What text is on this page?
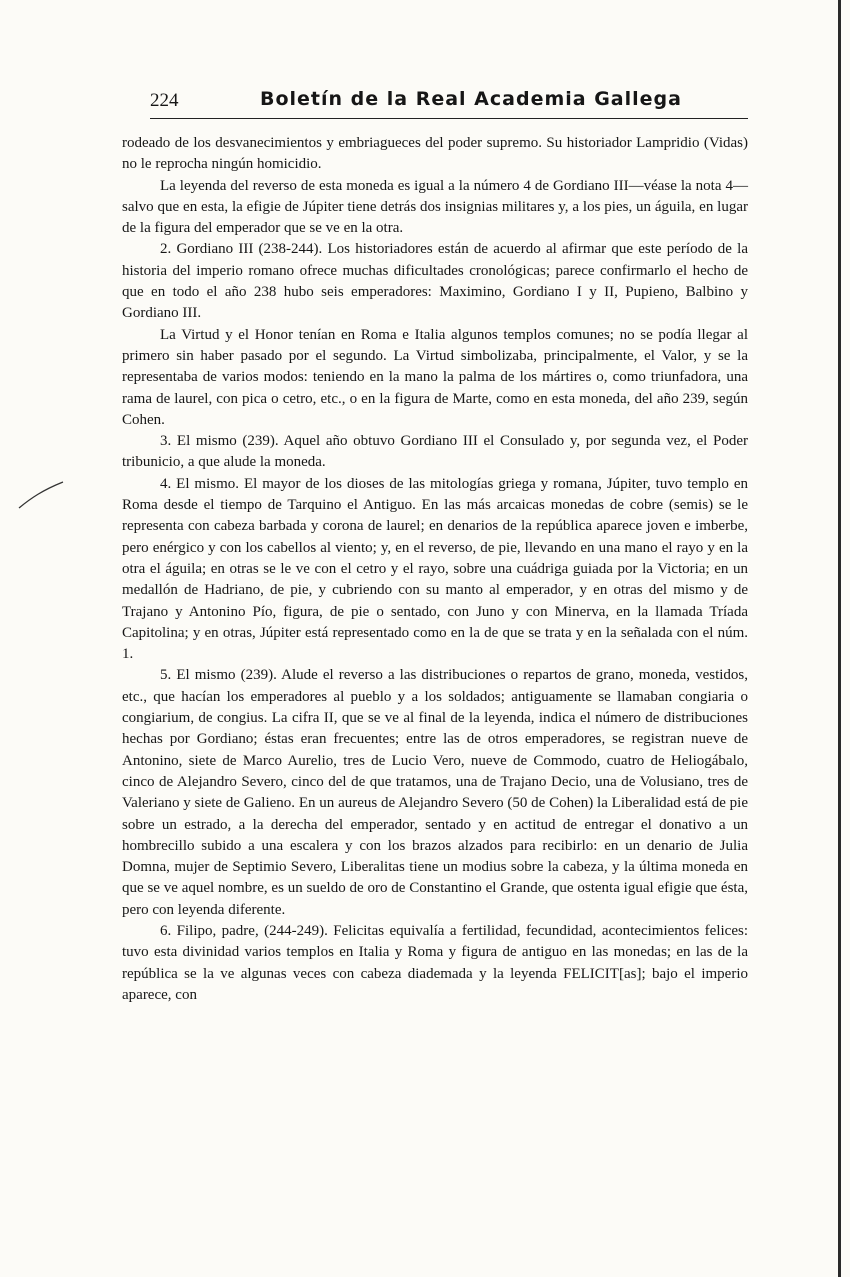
224	Boletín de la Real Academia Gallega

rodeado de los desvanecimientos y embriagueces del poder supremo. Su historiador Lampridio (Vidas) no le reprocha ningún homicidio.

La leyenda del reverso de esta moneda es igual a la número 4 de Gordiano III—véase la nota 4—salvo que en esta, la efigie de Júpiter tiene detrás dos insignias militares y, a los pies, un águila, en lugar de la figura del emperador que se ve en la otra.

2. Gordiano III (238-244). Los historiadores están de acuerdo al afirmar que este período de la historia del imperio romano ofrece muchas dificultades cronológicas; parece confirmarlo el hecho de que en todo el año 238 hubo seis emperadores: Maximino, Gordiano I y II, Pupieno, Balbino y Gordiano III.

La Virtud y el Honor tenían en Roma e Italia algunos templos comunes; no se podía llegar al primero sin haber pasado por el segundo. La Virtud simbolizaba, principalmente, el Valor, y se la representaba de varios modos: teniendo en la mano la palma de los mártires o, como triunfadora, una rama de laurel, con pica o cetro, etc., o en la figura de Marte, como en esta moneda, del año 239, según Cohen.

3. El mismo (239). Aquel año obtuvo Gordiano III el Consulado y, por segunda vez, el Poder tribunicio, a que alude la moneda.

4. El mismo. El mayor de los dioses de las mitologías griega y romana, Júpiter, tuvo templo en Roma desde el tiempo de Tarquino el Antiguo. En las más arcaicas monedas de cobre (semis) se le representa con cabeza barbada y corona de laurel; en denarios de la república aparece joven e imberbe, pero enérgico y con los cabellos al viento; y, en el reverso, de pie, llevando en una mano el rayo y en la otra el águila; en otras se le ve con el cetro y el rayo, sobre una cuádriga guiada por la Victoria; en un medallón de Hadriano, de pie, y cubriendo con su manto al emperador, y en otras del mismo y de Trajano y Antonino Pío, figura, de pie o sentado, con Juno y con Minerva, en la llamada Tríada Capitolina; y en otras, Júpiter está representado como en la de que se trata y en la señalada con el núm. 1.

5. El mismo (239). Alude el reverso a las distribuciones o repartos de grano, moneda, vestidos, etc., que hacían los emperadores al pueblo y a los soldados; antiguamente se llamaban congiaria o congiarium, de congius. La cifra II, que se ve al final de la leyenda, indica el número de distribuciones hechas por Gordiano; éstas eran frecuentes; entre las de otros emperadores, se registran nueve de Antonino, siete de Marco Aurelio, tres de Lucio Vero, nueve de Commodo, cuatro de Heliogábalo, cinco de Alejandro Severo, cinco del de que tratamos, una de Trajano Decio, una de Volusiano, tres de Valeriano y siete de Galieno. En un aureus de Alejandro Severo (50 de Cohen) la Liberalidad está de pie sobre un estrado, a la derecha del emperador, sentado y en actitud de entregar el donativo a un hombrecillo subido a una escalera y con los brazos alzados para recibirlo: en un denario de Julia Domna, mujer de Septimio Severo, Liberalitas tiene un modius sobre la cabeza, y la última moneda en que se ve aquel nombre, es un sueldo de oro de Constantino el Grande, que ostenta igual efigie que ésta, pero con leyenda diferente.

6. Filipo, padre, (244-249). Felicitas equivalía a fertilidad, fecundidad, acontecimientos felices: tuvo esta divinidad varios templos en Italia y Roma y figura de antiguo en las monedas; en las de la república se la ve algunas veces con cabeza diademada y la leyenda FELICIT[as]; bajo el imperio aparece, con
